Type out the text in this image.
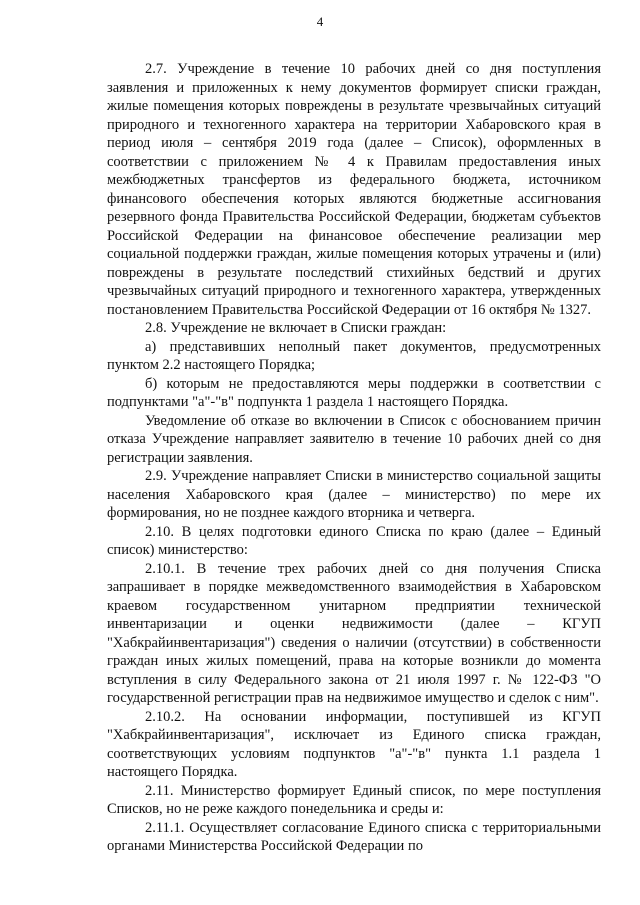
4

2.7. Учреждение в течение 10 рабочих дней со дня поступления заявления и приложенных к нему документов формирует списки граждан, жилые помещения которых повреждены в результате чрезвычайных ситуаций природного и техногенного характера на территории Хабаровского края в период июля – сентября 2019 года (далее – Список), оформленных в соответствии с приложением № 4 к Правилам предоставления иных межбюджетных трансфертов из федерального бюджета, источником финансового обеспечения которых являются бюджетные ассигнования резервного фонда Правительства Российской Федерации, бюджетам субъектов Российской Федерации на финансовое обеспечение реализации мер социальной поддержки граждан, жилые помещения которых утрачены и (или) повреждены в результате последствий стихийных бедствий и других чрезвычайных ситуаций природного и техногенного характера, утвержденных постановлением Правительства Российской Федерации от 16 октября № 1327.

2.8. Учреждение не включает в Списки граждан:

а) представивших неполный пакет документов, предусмотренных пунктом 2.2 настоящего Порядка;

б) которым не предоставляются меры поддержки в соответствии с подпунктами "а"-"в" подпункта 1 раздела 1 настоящего Порядка.

Уведомление об отказе во включении в Список с обоснованием причин отказа Учреждение направляет заявителю в течение 10 рабочих дней со дня регистрации заявления.

2.9. Учреждение направляет Списки в министерство социальной защиты населения Хабаровского края (далее – министерство) по мере их формирования, но не позднее каждого вторника и четверга.

2.10. В целях подготовки единого Списка по краю (далее – Единый список) министерство:

2.10.1. В течение трех рабочих дней со дня получения Списка запрашивает в порядке межведомственного взаимодействия в Хабаровском краевом государственном унитарном предприятии технической инвентаризации и оценки недвижимости (далее – КГУП "Хабкрайинвентаризация") сведения о наличии (отсутствии) в собственности граждан иных жилых помещений, права на которые возникли до момента вступления в силу Федерального закона от 21 июля 1997 г. № 122-ФЗ "О государственной регистрации прав на недвижимое имущество и сделок с ним".

2.10.2. На основании информации, поступившей из КГУП "Хабкрайинвентаризация", исключает из Единого списка граждан, соответствующих условиям подпунктов "а"-"в" пункта 1.1 раздела 1 настоящего Порядка.

2.11. Министерство формирует Единый список, по мере поступления Списков, но не реже каждого понедельника и среды и:

2.11.1. Осуществляет согласование Единого списка с территориальными органами Министерства Российской Федерации по
